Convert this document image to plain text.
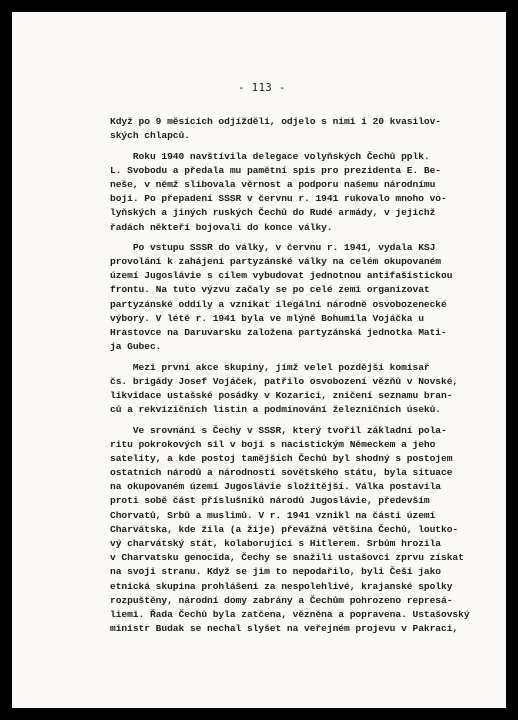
- 113 -
Když po 9 měsících odjížděli, odjelo s nimi i 20 kvasilov-
ských chlapců.
Roku 1940 navštívila delegace volyňských Čechů pplk.
L. Svobodu a předala mu pamětní spis pro prezidenta E. Be-
neše, v němž slibovala věrnost a podporu našemu národnímu
boji. Po přepadení SSSR v červnu r. 1941 rukovalo mnoho vo-
lyňských a jiných ruských Čechů do Rudé armády, v jejichž
řadách někteří bojovali do konce války.
Po vstupu SSSR do války, v červnu r. 1941, vydala KSJ
provolání k zahájení partyzánské války na celém okupovaném
území Jugoslávie s cílem vybudovat jednotnou antifašistickou
frontu. Na tuto výzvu začaly se po celé zemi organizovat
partyzánské oddíly a vznikat ilegální národně osvobozenecké
výbory. V létě r. 1941 byla ve mlýně Bohumila Vojáčka u
Hrastovce na Daruvarsku založena partyzánská jednotka Mati-
ja Gubec.
Mezi první akce skupiny, jímž velel pozdější komisař
čs. brigády Josef Vojáček, patřilo osvobození vězňů v Novské,
likvidace ustašské posádky v Kozarici, zničení seznamu bran-
ců a rekvizičních listin a podminování železničních úseků.
Ve srovnání s Čechy v SSSR, který tvořil základní pola-
ritu pokrokových sil v boji s nacistickým Německem a jeho
satelity, a kde postoj tamějších Čechů byl shodný s postojem
ostatních národů a národností sovětského státu, byla situace
na okupovaném území Jugoslávie složitější. Válka postavila
proti sobě část příslušníků národů Jugoslávie, především
Chorvatů, Srbů a muslimů. V r. 1941 vznikl na části území
Charvátska, kde žila (a žije) převážná většina Čechů, loutko-
vý charvátský stát, kolaborující s Hitlerem. Srbům hrozila
v Charvatsku genocida, Čechy se snažili ustašovci zprvu získat
na svoji stranu. Když se jim to nepodařilo, byli Češi jako
etnická skupina prohlášeni za nespolehlivé, krajanské spolky
rozpuštěny, národní domy zabrány a Čechům pohrozeno represá-
liemi. Řada Čechů byla zatčena, vězněna a popravena. Ustašovský
ministr Budak se nechal slyšet na veřejném projevu v Pakraci,
